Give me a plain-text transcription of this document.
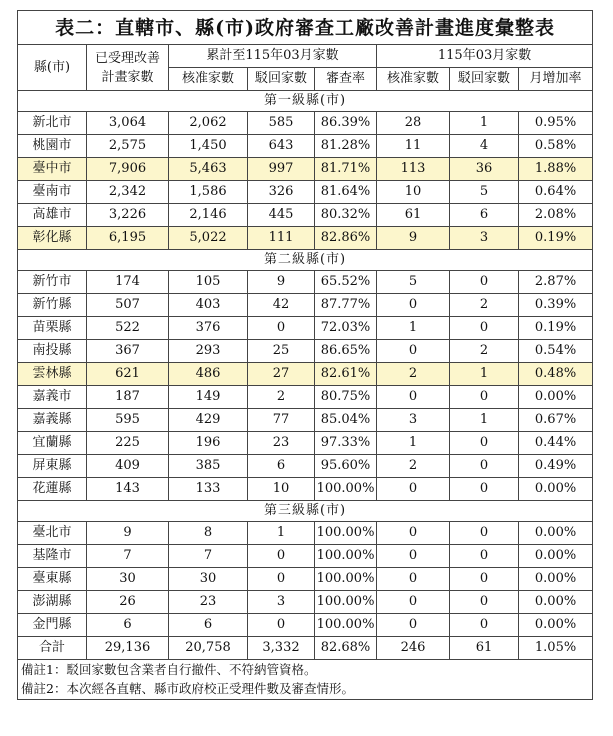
表二：直轄市、縣(市)政府審查工廠改善計畫進度彙整表							
縣(市)	已受理改善
計畫家數	累計至115年03月家數			115年03月家數		
		核准家數	駁回家數	審查率	核准家數	駁回家數	月增加率
第一級縣(市)							
新北市	3,064	2,062	585	86.39%	28	1	0.95%
桃園市	2,575	1,450	643	81.28%	11	4	0.58%
臺中市	7,906	5,463	997	81.71%	113	36	1.88%
臺南市	2,342	1,586	326	81.64%	10	5	0.64%
高雄市	3,226	2,146	445	80.32%	61	6	2.08%
彰化縣	6,195	5,022	111	82.86%	9	3	0.19%
第二級縣(市)							
新竹市	174	105	9	65.52%	5	0	2.87%
新竹縣	507	403	42	87.77%	0	2	0.39%
苗栗縣	522	376	0	72.03%	1	0	0.19%
南投縣	367	293	25	86.65%	0	2	0.54%
雲林縣	621	486	27	82.61%	2	1	0.48%
嘉義市	187	149	2	80.75%	0	0	0.00%
嘉義縣	595	429	77	85.04%	3	1	0.67%
宜蘭縣	225	196	23	97.33%	1	0	0.44%
屏東縣	409	385	6	95.60%	2	0	0.49%
花蓮縣	143	133	10	100.00%	0	0	0.00%
第三級縣(市)							
臺北市	9	8	1	100.00%	0	0	0.00%
基隆市	7	7	0	100.00%	0	0	0.00%
臺東縣	30	30	0	100.00%	0	0	0.00%
澎湖縣	26	23	3	100.00%	0	0	0.00%
金門縣	6	6	0	100.00%	0	0	0.00%
合計	29,136	20,758	3,332	82.68%	246	61	1.05%

備註1：駁回家數包含業者自行撤件、不符納管資格。
備註2：本次經各直轄、縣市政府校正受理件數及審查情形。							
